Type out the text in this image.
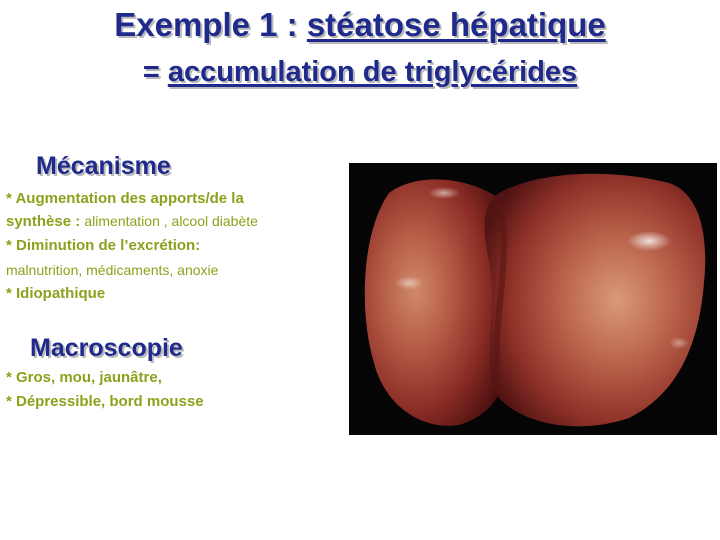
Exemple 1 : stéatose hépatique
= accumulation de triglycérides
Mécanisme
* Augmentation des apports/de la
synthèse : alimentation , alcool diabète
* Diminution de l’excrétion:
malnutrition, médicaments, anoxie
* Idiopathique
Macroscopie
* Gros, mou, jaunâtre,
* Dépressible, bord mousse
